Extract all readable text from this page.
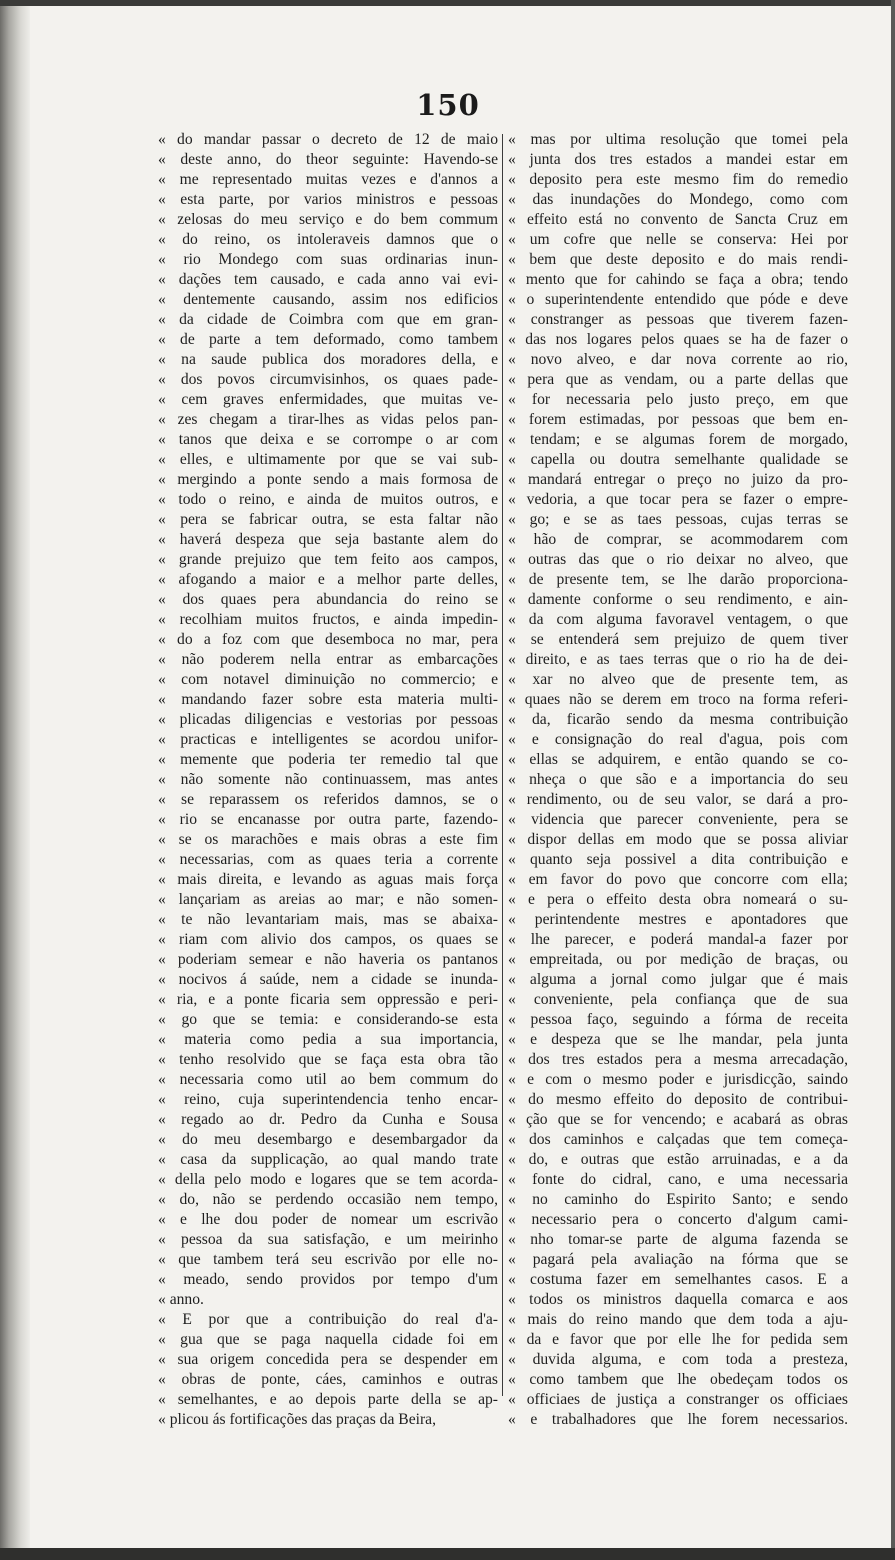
150
« do mandar passar o decreto de 12 de maio
« deste anno, do theor seguinte: Havendo-se
« me representado muitas vezes e d'annos a
« esta parte, por varios ministros e pessoas
« zelosas do meu serviço e do bem commum
« do reino, os intoleraveis damnos que o
« rio Mondego com suas ordinarias inun-
« dações tem causado, e cada anno vai evi-
« dentemente causando, assim nos edificios
« da cidade de Coimbra com que em gran-
« de parte a tem deformado, como tambem
« na saude publica dos moradores della, e
« dos povos circumvisinhos, os quaes pade-
« cem graves enfermidades, que muitas ve-
« zes chegam a tirar-lhes as vidas pelos pan-
« tanos que deixa e se corrompe o ar com
« elles, e ultimamente por que se vai sub-
« mergindo a ponte sendo a mais formosa de
« todo o reino, e ainda de muitos outros, e
« pera se fabricar outra, se esta faltar não
« haverá despeza que seja bastante alem do
« grande prejuizo que tem feito aos campos,
« afogando a maior e a melhor parte delles,
« dos quaes pera abundancia do reino se
« recolhiam muitos fructos, e ainda impedin-
« do a foz com que desemboca no mar, pera
« não poderem nella entrar as embarcações
« com notavel diminuição no commercio; e
« mandando fazer sobre esta materia multi-
« plicadas diligencias e vestorias por pessoas
« practicas e intelligentes se acordou unifor-
« memente que poderia ter remedio tal que
« não somente não continuassem, mas antes
« se reparassem os referidos damnos, se o
« rio se encanasse por outra parte, fazendo-
« se os marachões e mais obras a este fim
« necessarias, com as quaes teria a corrente
« mais direita, e levando as aguas mais força
« lançariam as areias ao mar; e não somen-
« te não levantariam mais, mas se abaixa-
« riam com alivio dos campos, os quaes se
« poderiam semear e não haveria os pantanos
« nocivos á saúde, nem a cidade se inunda-
« ria, e a ponte ficaria sem oppressão e peri-
« go que se temia: e considerando-se esta
« materia como pedia a sua importancia,
« tenho resolvido que se faça esta obra tão
« necessaria como util ao bem commum do
« reino, cuja superintendencia tenho encar-
« regado ao dr. Pedro da Cunha e Sousa
« do meu desembargo e desembargador da
« casa da supplicação, ao qual mando trate
« della pelo modo e logares que se tem acorda-
« do, não se perdendo occasião nem tempo,
« e lhe dou poder de nomear um escrivão
« pessoa da sua satisfação, e um meirinho
« que tambem terá seu escrivão por elle no-
« meado, sendo providos por tempo d'um
« anno.
« E por que a contribuição do real d'a-
« gua que se paga naquella cidade foi em
« sua origem concedida pera se despender em
« obras de ponte, cáes, caminhos e outras
« semelhantes, e ao depois parte della se ap-
« plicou ás fortificações das praças da Beira,
« mas por ultima resolução que tomei pela
« junta dos tres estados a mandei estar em
« deposito pera este mesmo fim do remedio
« das inundações do Mondego, como com
« effeito está no convento de Sancta Cruz em
« um cofre que nelle se conserva: Hei por
« bem que deste deposito e do mais rendi-
« mento que for cahindo se faça a obra; tendo
« o superintendente entendido que póde e deve
« constranger as pessoas que tiverem fazen-
« das nos logares pelos quaes se ha de fazer o
« novo alveo, e dar nova corrente ao rio,
« pera que as vendam, ou a parte dellas que
« for necessaria pelo justo preço, em que
« forem estimadas, por pessoas que bem en-
« tendam; e se algumas forem de morgado,
« capella ou doutra semelhante qualidade se
« mandará entregar o preço no juizo da pro-
« vedoria, a que tocar pera se fazer o empre-
« go; e se as taes pessoas, cujas terras se
« hão de comprar, se acommodarem com
« outras das que o rio deixar no alveo, que
« de presente tem, se lhe darão proporciona-
« damente conforme o seu rendimento, e ain-
« da com alguma favoravel ventagem, o que
« se entenderá sem prejuizo de quem tiver
« direito, e as taes terras que o rio ha de dei-
« xar no alveo que de presente tem, as
« quaes não se derem em troco na forma referi-
« da, ficarão sendo da mesma contribuição
« e consignação do real d'agua, pois com
« ellas se adquirem, e então quando se co-
« nheça o que são e a importancia do seu
« rendimento, ou de seu valor, se dará a pro-
« videncia que parecer conveniente, pera se
« dispor dellas em modo que se possa aliviar
« quanto seja possivel a dita contribuição e
« em favor do povo que concorre com ella;
« e pera o effeito desta obra nomeará o su-
« perintendente mestres e apontadores que
« lhe parecer, e poderá mandal-a fazer por
« empreitada, ou por medição de braças, ou
« alguma a jornal como julgar que é mais
« conveniente, pela confiança que de sua
« pessoa faço, seguindo a fórma de receita
« e despeza que se lhe mandar, pela junta
« dos tres estados pera a mesma arrecadação,
« e com o mesmo poder e jurisdicção, saindo
« do mesmo effeito do deposito de contribui-
« ção que se for vencendo; e acabará as obras
« dos caminhos e calçadas que tem começa-
« do, e outras que estão arruinadas, e a da
« fonte do cidral, cano, e uma necessaria
« no caminho do Espirito Santo; e sendo
« necessario pera o concerto d'algum cami-
« nho tomar-se parte de alguma fazenda se
« pagará pela avaliação na fórma que se
« costuma fazer em semelhantes casos. E a
« todos os ministros daquella comarca e aos
« mais do reino mando que dem toda a aju-
« da e favor que por elle lhe for pedida sem
« duvida alguma, e com toda a presteza,
« como tambem que lhe obedeçam todos os
« officiaes de justiça a constranger os officiaes
« e trabalhadores que lhe forem necessarios.
